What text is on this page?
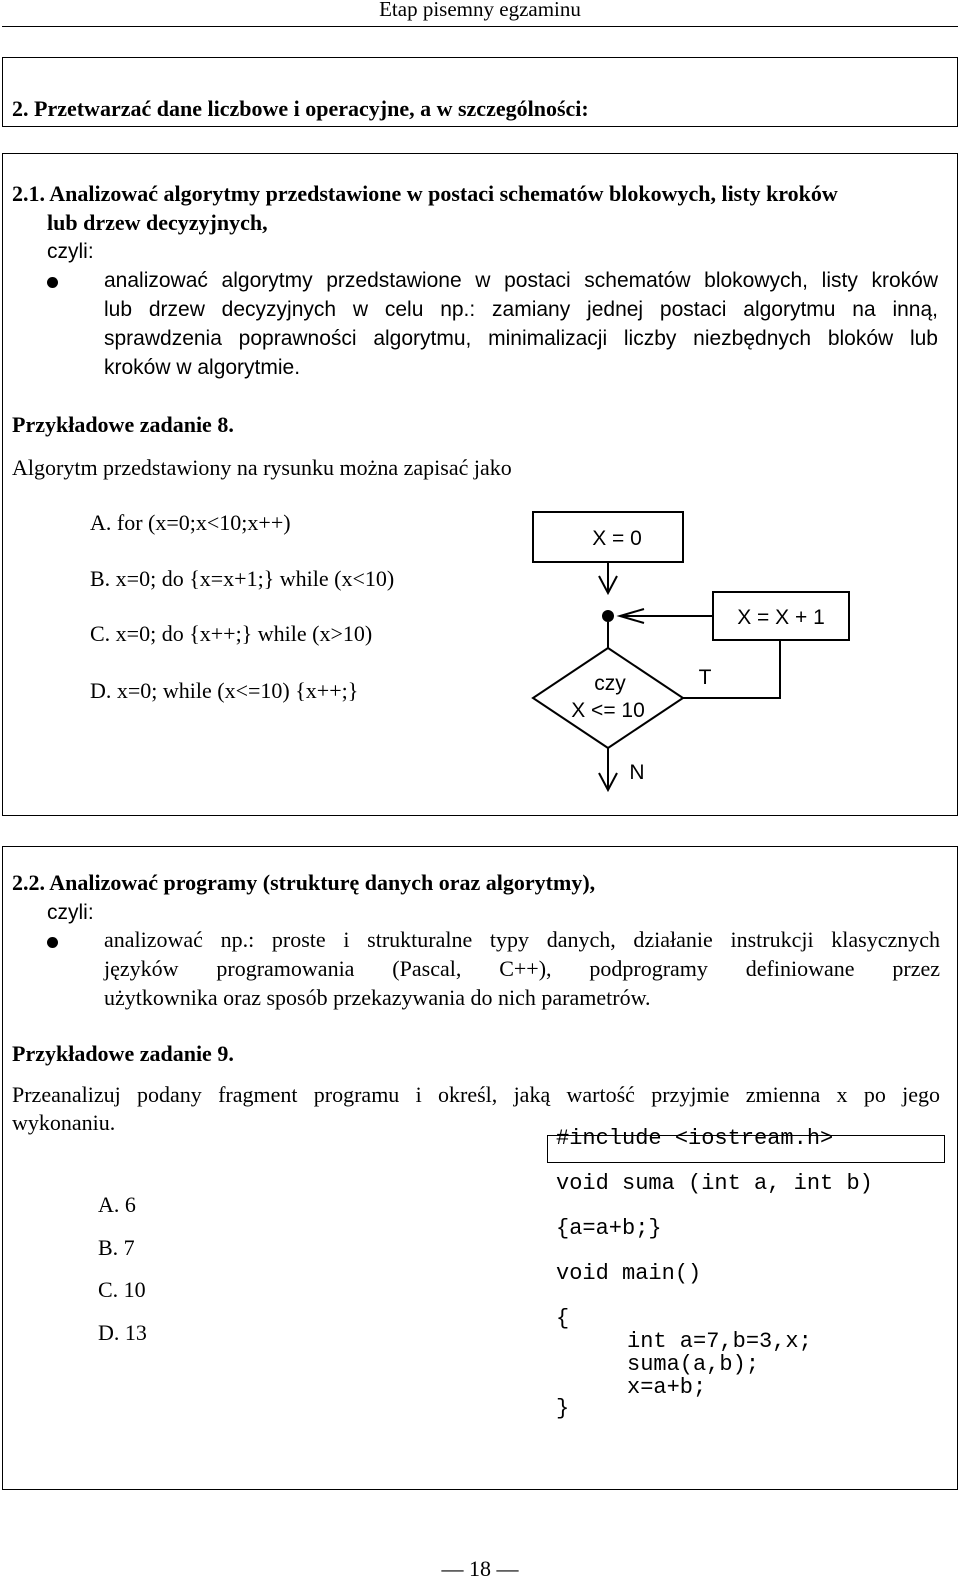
Etap pisemny egzaminu
2. Przetwarzać dane liczbowe i operacyjne, a w szczególności:
2.1. Analizować algorytmy przedstawione w postaci schematów blokowych, listy kroków
lub drzew decyzyjnych,
czyli:
analizować algorytmy przedstawione w postaci schematów blokowych, listy kroków
lub drzew decyzyjnych w celu np.: zamiany jednej postaci algorytmu na inną,
sprawdzenia poprawności algorytmu, minimalizacji liczby niezbędnych bloków lub
kroków w algorytmie.
Przykładowe zadanie 8.
Algorytm przedstawiony na rysunku można zapisać jako
A. for (x=0;x<10;x++)
B. x=0; do {x=x+1;} while (x<10)
C. x=0; do {x++;} while (x>10)
D. x=0; while (x<=10) {x++;}
X = 0
X = X + 1
czy
X <= 10
T
N
2.2. Analizować programy (strukturę danych oraz algorytmy),
czyli:
analizować np.: proste i strukturalne typy danych, działanie instrukcji klasycznych
języków programowania (Pascal, C++), podprogramy definiowane przez
użytkownika oraz sposób przekazywania do nich parametrów.
Przykładowe zadanie 9.
Przeanalizuj podany fragment programu i określ, jaką wartość przyjmie zmienna x po jego
wykonaniu.
A. 6
B. 7
C. 10
D. 13
#include <iostream.h>
void suma (int a, int b)
{a=a+b;}
void main()
{
int a=7,b=3,x;
suma(a,b);
x=a+b;
}
— 18 —
